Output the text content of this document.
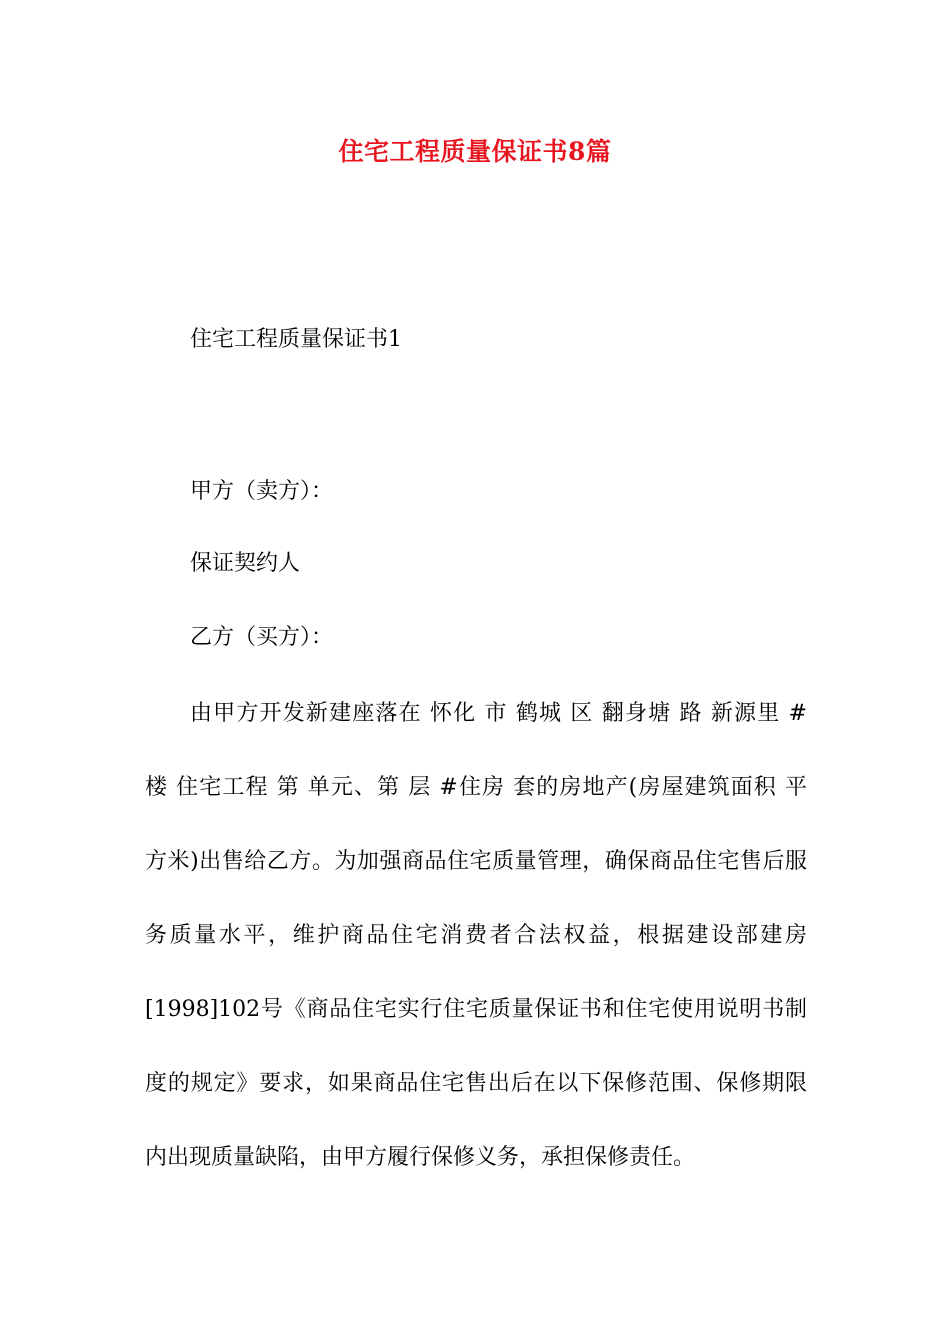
住宅工程质量保证书8篇
住宅工程质量保证书1
甲方（卖方）：
保证契约人
乙方（买方）：
由甲方开发新建座落在 怀化 市 鹤城 区 翻身塘 路 新源里 #
楼 住宅工程 第 单元、第 层 #住房 套的房地产(房屋建筑面积 平
方米)出售给乙方。为加强商品住宅质量管理，确保商品住宅售后服
务质量水平，维护商品住宅消费者合法权益，根据建设部建房
[1998]102号《商品住宅实行住宅质量保证书和住宅使用说明书制
度的规定》要求，如果商品住宅售出后在以下保修范围、保修期限
内出现质量缺陷，由甲方履行保修义务，承担保修责任。
